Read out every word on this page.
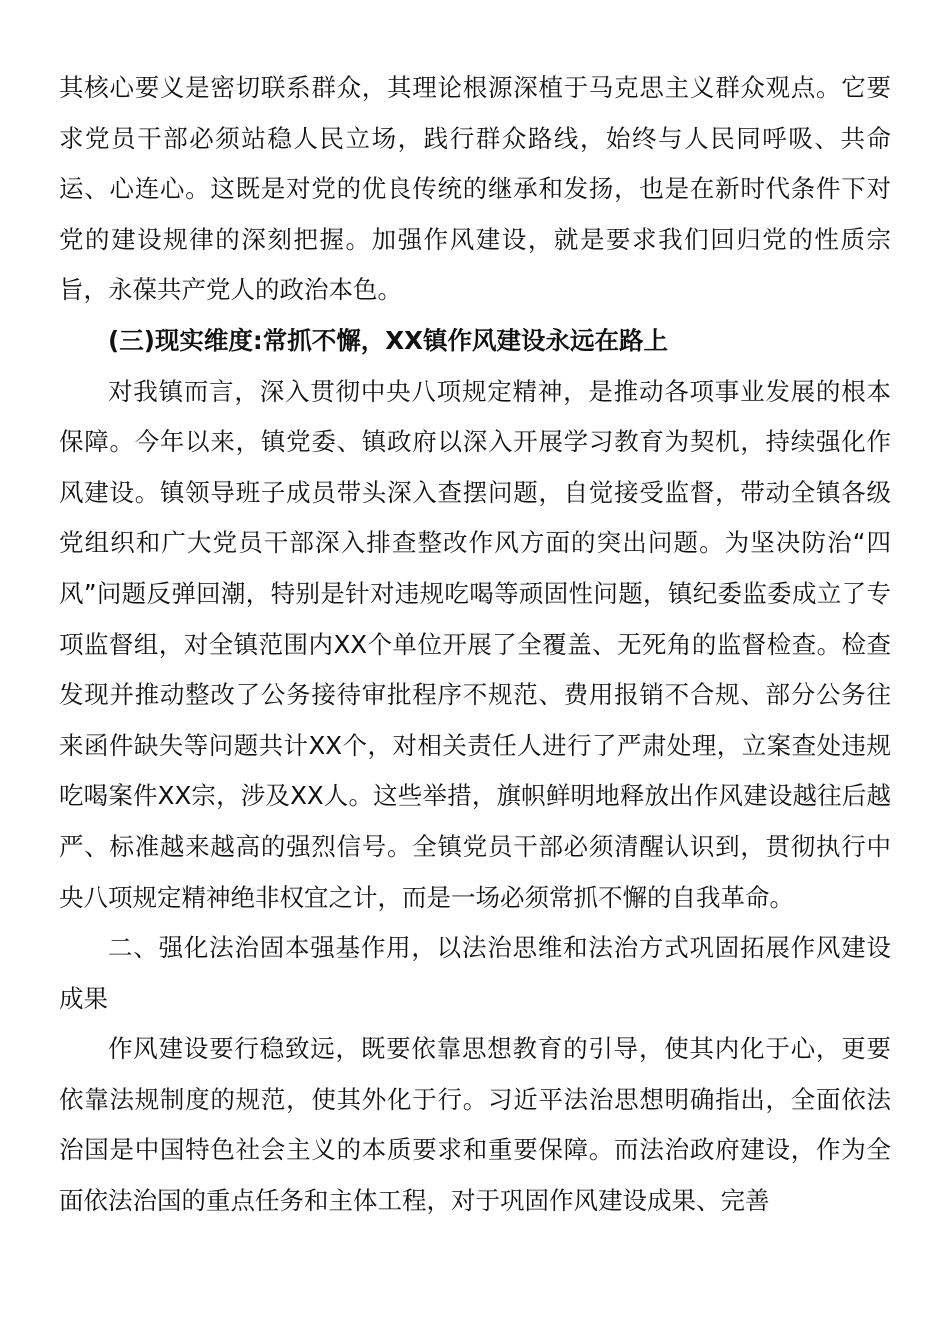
其核心要义是密切联系群众，其理论根源深植于马克思主义群众观点。它要求党员干部必须站稳人民立场，践行群众路线，始终与人民同呼吸、共命运、心连心。这既是对党的优良传统的继承和发扬，也是在新时代条件下对党的建设规律的深刻把握。加强作风建设，就是要求我们回归党的性质宗旨，永葆共产党人的政治本色。

(三)现实维度:常抓不懈，XX镇作风建设永远在路上

对我镇而言，深入贯彻中央八项规定精神，是推动各项事业发展的根本保障。今年以来，镇党委、镇政府以深入开展学习教育为契机，持续强化作风建设。镇领导班子成员带头深入查摆问题，自觉接受监督，带动全镇各级党组织和广大党员干部深入排查整改作风方面的突出问题。为坚决防治“四风”问题反弹回潮，特别是针对违规吃喝等顽固性问题，镇纪委监委成立了专项监督组，对全镇范围内XX个单位开展了全覆盖、无死角的监督检查。检查发现并推动整改了公务接待审批程序不规范、费用报销不合规、部分公务往来函件缺失等问题共计XX个，对相关责任人进行了严肃处理，立案查处违规吃喝案件XX宗，涉及XX人。这些举措，旗帜鲜明地释放出作风建设越往后越严、标准越来越高的强烈信号。全镇党员干部必须清醒认识到，贯彻执行中央八项规定精神绝非权宜之计，而是一场必须常抓不懈的自我革命。

二、强化法治固本强基作用，以法治思维和法治方式巩固拓展作风建设成果

作风建设要行稳致远，既要依靠思想教育的引导，使其内化于心，更要依靠法规制度的规范，使其外化于行。习近平法治思想明确指出，全面依法治国是中国特色社会主义的本质要求和重要保障。而法治政府建设，作为全面依法治国的重点任务和主体工程，对于巩固作风建设成果、完善
